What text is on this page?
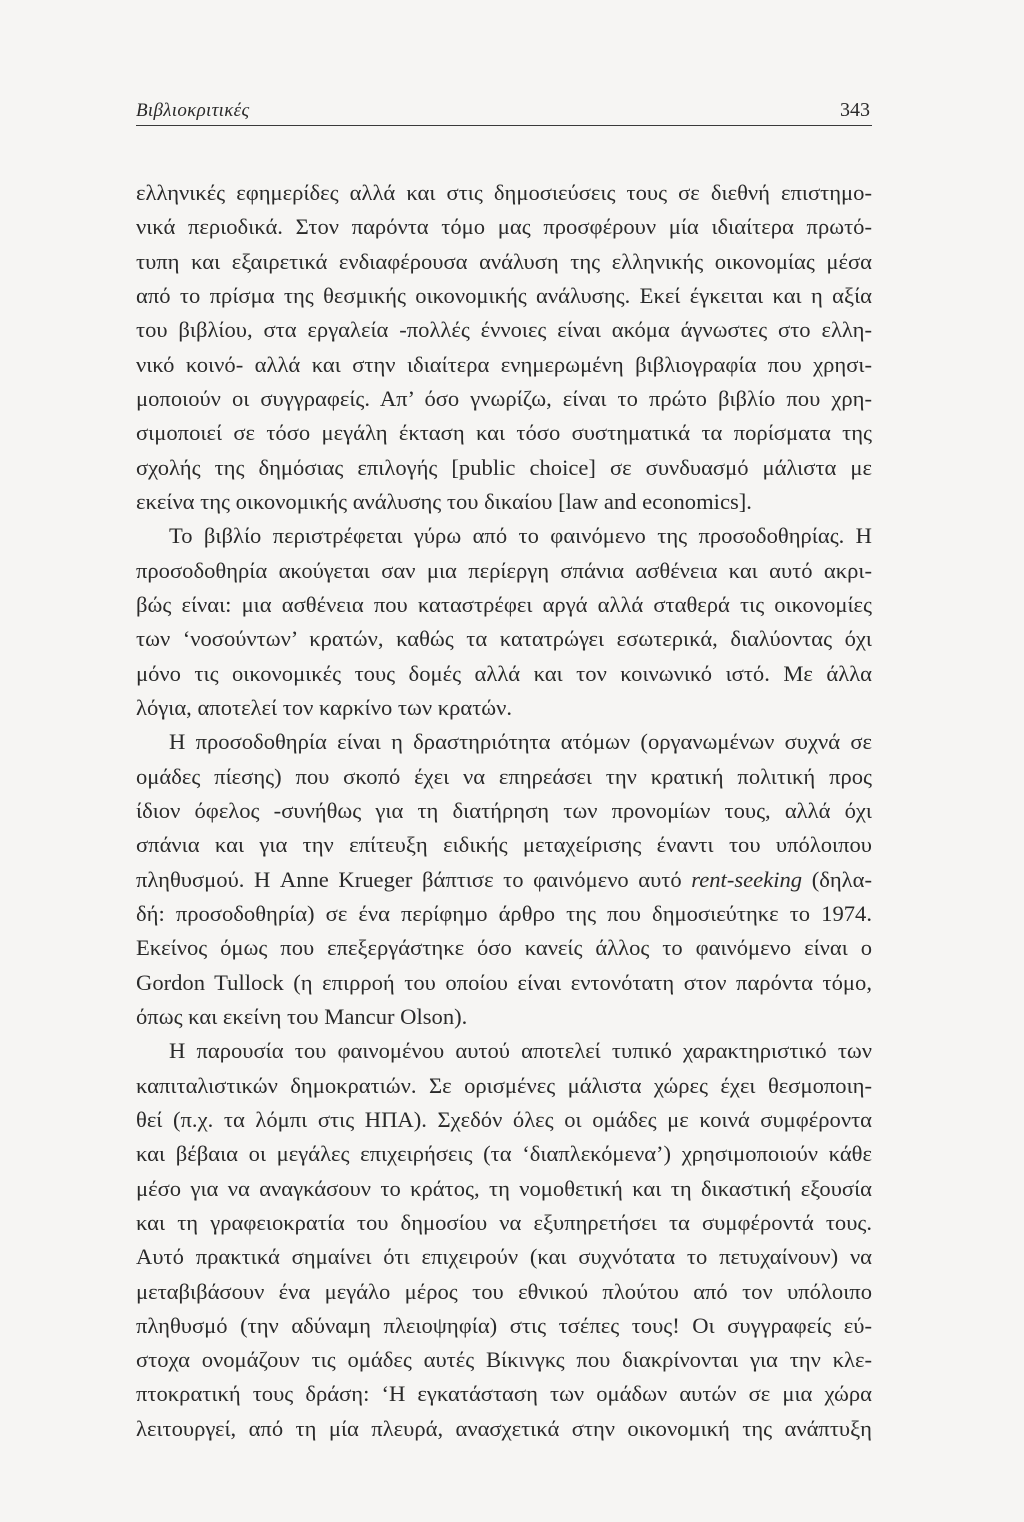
Βιβλιοκριτικές	343
ελληνικές εφημερίδες αλλά και στις δημοσιεύσεις τους σε διεθνή επιστημο-
νικά περιοδικά. Στον παρόντα τόμο μας προσφέρουν μία ιδιαίτερα πρωτό-
τυπη και εξαιρετικά ενδιαφέρουσα ανάλυση της ελληνικής οικονομίας μέσα
από το πρίσμα της θεσμικής οικονομικής ανάλυσης. Εκεί έγκειται και η αξία
του βιβλίου, στα εργαλεία -πολλές έννοιες είναι ακόμα άγνωστες στο ελλη-
νικό κοινό- αλλά και στην ιδιαίτερα ενημερωμένη βιβλιογραφία που χρησι-
μοποιούν οι συγγραφείς. Απ’ όσο γνωρίζω, είναι το πρώτο βιβλίο που χρη-
σιμοποιεί σε τόσο μεγάλη έκταση και τόσο συστηματικά τα πορίσματα της
σχολής της δημόσιας επιλογής [public choice] σε συνδυασμό μάλιστα με
εκείνα της οικονομικής ανάλυσης του δικαίου [law and economics].
Το βιβλίο περιστρέφεται γύρω από το φαινόμενο της προσοδοθηρίας. Η
προσοδοθηρία ακούγεται σαν μια περίεργη σπάνια ασθένεια και αυτό ακρι-
βώς είναι: μια ασθένεια που καταστρέφει αργά αλλά σταθερά τις οικονομίες
των ‘νοσούντων’ κρατών, καθώς τα κατατρώγει εσωτερικά, διαλύοντας όχι
μόνο τις οικονομικές τους δομές αλλά και τον κοινωνικό ιστό. Με άλλα
λόγια, αποτελεί τον καρκίνο των κρατών.
Η προσοδοθηρία είναι η δραστηριότητα ατόμων (οργανωμένων συχνά σε
ομάδες πίεσης) που σκοπό έχει να επηρεάσει την κρατική πολιτική προς
ίδιον όφελος -συνήθως για τη διατήρηση των προνομίων τους, αλλά όχι
σπάνια και για την επίτευξη ειδικής μεταχείρισης έναντι του υπόλοιπου
πληθυσμού. Η Anne Krueger βάπτισε το φαινόμενο αυτό rent-seeking (δηλα-
δή: προσοδοθηρία) σε ένα περίφημο άρθρο της που δημοσιεύτηκε το 1974.
Εκείνος όμως που επεξεργάστηκε όσο κανείς άλλος το φαινόμενο είναι ο
Gordon Tullock (η επιρροή του οποίου είναι εντονότατη στον παρόντα τόμο,
όπως και εκείνη του Mancur Olson).
Η παρουσία του φαινομένου αυτού αποτελεί τυπικό χαρακτηριστικό των
καπιταλιστικών δημοκρατιών. Σε ορισμένες μάλιστα χώρες έχει θεσμοποιη-
θεί (π.χ. τα λόμπι στις ΗΠΑ). Σχεδόν όλες οι ομάδες με κοινά συμφέροντα
και βέβαια οι μεγάλες επιχειρήσεις (τα ‘διαπλεκόμενα’) χρησιμοποιούν κάθε
μέσο για να αναγκάσουν το κράτος, τη νομοθετική και τη δικαστική εξουσία
και τη γραφειοκρατία του δημοσίου να εξυπηρετήσει τα συμφέροντά τους.
Αυτό πρακτικά σημαίνει ότι επιχειρούν (και συχνότατα το πετυχαίνουν) να
μεταβιβάσουν ένα μεγάλο μέρος του εθνικού πλούτου από τον υπόλοιπο
πληθυσμό (την αδύναμη πλειοψηφία) στις τσέπες τους! Οι συγγραφείς εύ-
στοχα ονομάζουν τις ομάδες αυτές Βίκινγκς που διακρίνονται για την κλε-
πτοκρατική τους δράση: ‘Η εγκατάσταση των ομάδων αυτών σε μια χώρα
λειτουργεί, από τη μία πλευρά, ανασχετικά στην οικονομική της ανάπτυξη
